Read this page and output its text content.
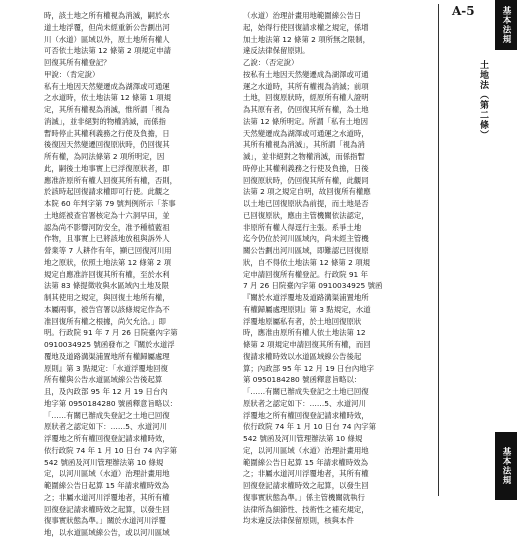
時，該土地之所有權視為消滅，嗣於水
道土地浮覆，但尚未經重新公告劃出河
川（水道）區域以外，原土地所有權人
可否依土地法第 12 條第 2 項規定申請
回復其所有權登記？
甲說：（肯定說）
私有土地因天然變遷成為湖澤或可通運
之水道時，依土地法第 12 條第 1 項規
定，其所有權視為消滅，惟所謂「視為
消滅」，並非絕對的物權消滅，而係指
暫時停止其權利義務之行使及負擔，日
後復因天然變遷回復原狀時，仍回復其
所有權，為同法條第 2 項所明定，因
此，嗣後土地事實上已浮復原狀者，即
應准許原所有權人回復其所有權，否則，
於該時起回復請求權即可行使。此觀之
本院 60 年判字第 79 號判例所示「茶事
土地經被查官署核定為十六洞早田，並
認為尚不影響河防安全，准予種植藍祖
作物，且事實上已將該地放租與訴外人
營業等 7 人耕作有年，顯已回復河川用
地之原狀，依照土地法第 12 條第 2 項
規定自應准許回復其所有權，至於水利
法第 83 條提徵收與水區域內土地及限
制其使用之規定，與回復土地所有權，
本屬兩事，被告官署以該條規定作為不
准回復所有權之根據，尚欠允洽。」即
明。行政院 91 年 7 月 26 日院臺內字第
0910034925 號函發布之『關於水道浮
覆地及道路溝渠浦置地所有權歸屬處理
原則』第 3 點規定：「水道浮覆地回復
所有權與公告水道區域線公告後起算
且，及內政部 95 年 12 月 19 日台內
地字第 0950184280 號函釋意旨略以：
「……有關已辦成失登記之土地已回復
原狀者之認定如下：……5、水道河川
浮覆地之所有權回復登記請求權時效，
依行政院 74 年 1 月 10 日台 74 內字第
542 號函及河川管理辦法第 10 條規
定，以河川區域（水道）治理計畫用地
範圍線公告日起算 15 年請求權時效為
之；非屬水道河川浮覆地者，其所有權
回復登記請求權時效之起算，以發生回
復事實狀態為準。」關於水道河川浮覆
地，以水道區域線公告，或以河川區域
（水道）治理計畫用地範圍線公告日
起，始得行使回復請求權之規定，係增
加土地法第 12 條第 2 項所無之限制，
違反法律保留原則。
乙說：（否定說）
按私有土地因天然變遷成為湖澤或可通
運之水道時，其所有權視為消滅；前項
土地，回復原狀時，經原所有權人證明
為其原有者，仍回復其所有權，為土地
法第 12 條所明定。所謂「私有土地因
天然變遷成為湖澤或可通運之水道時，
其所有權視為消滅」，其所謂「視為消
滅」，並非絕對之物權消滅，而係指暫
時停止其權利義務之行使及負擔，日後
回復原狀時，仍回復其所有權，此觀同
法第 2 項之規定自明，故回復所有權應
以土地已回復原狀為前提，而土地是否
已回復原狀，應由主管機關依法認定，
非原所有權人得逕行主張。系爭土地
迄今仍位於河川區域內，尚未經主管機
關公告劃出河川區域，即難認已回復原
狀，自不得依土地法第 12 條第 2 項規
定申請回復所有權登記。行政院 91 年
7 月 26 日院臺內字第 0910034925 號函
『關於水道浮覆地及道路溝渠浦置地所
有權歸屬處理原則』第 3 點規定，水道
浮覆地原屬私有者，於土地回復原狀
時，應准由原所有權人依土地法第 12
條第 2 項規定申請回復其所有權，而回
復請求權時效以水道區域線公告後起
算；內政部 95 年 12 月 19 日台內地字
第 0950184280 號函釋意旨略以：
「……有關已辦成失登記之土地已回復
原狀者之認定如下：……5、水道河川
浮覆地之所有權回復登記請求權時效，
依行政院 74 年 1 月 10 日台 74 內字第
542 號函及河川管理辦法第 10 條規
定，以河川區域（水道）治理計畫用地
範圍線公告日起算 15 年請求權時效為
之；非屬水道河川浮覆地者，其所有權
回復登記請求權時效之起算，以發生回
復事實狀態為準。」係主管機關就執行
法律所為細節性、技術性之補充規定，
均未違反法律保留原則，核與本件
A-5
土地法（第二條）
基本法規
基本法規
